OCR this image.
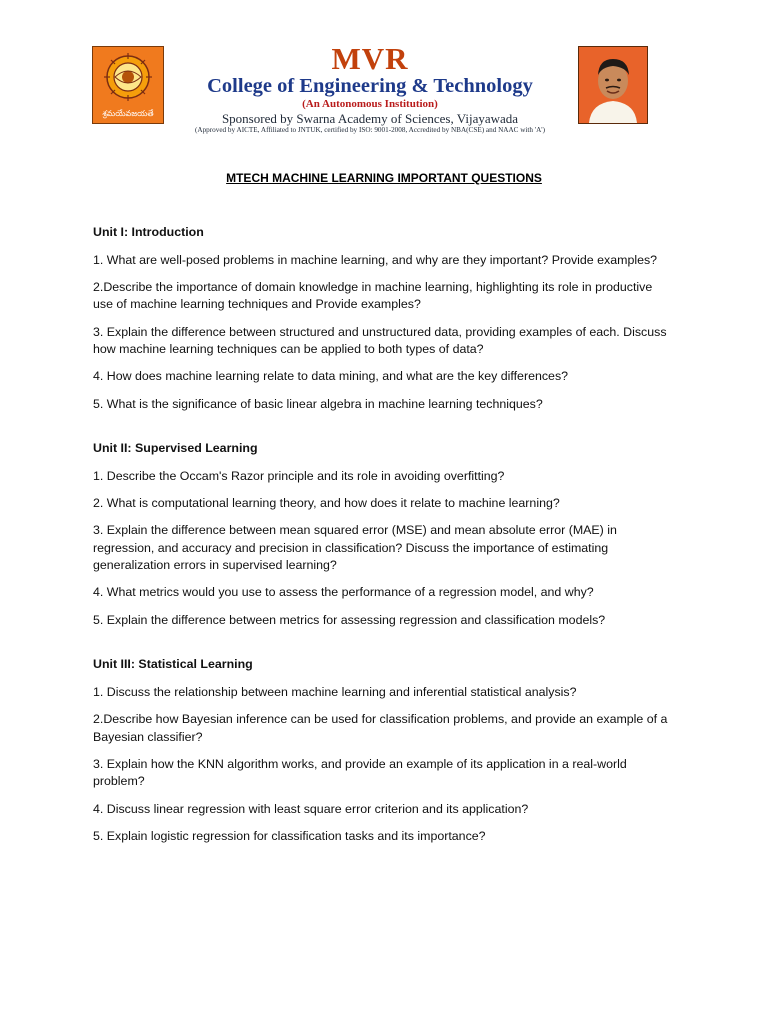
శ్రమయేవజయతే
MVR
College of Engineering & Technology
(An Autonomous Institution)
Sponsored by Swarna Academy of Sciences, Vijayawada
(Approved by AICTE, Affiliated to JNTUK, certified by ISO: 9001-2008, Accredited by NBA(CSE) and NAAC with 'A')
MTECH MACHINE LEARNING IMPORTANT QUESTIONS

Unit I: Introduction

1. What are well-posed problems in machine learning, and why are they important? Provide examples?

2.Describe the importance of domain knowledge in machine learning, highlighting its role in productive use of machine learning techniques and Provide examples?

3. Explain the difference between structured and unstructured data, providing examples of each. Discuss how machine learning techniques can be applied to both types of data?

4. How does machine learning relate to data mining, and what are the key differences?

5. What is the significance of basic linear algebra in machine learning techniques?

Unit II: Supervised Learning

1. Describe the Occam's Razor principle and its role in avoiding overfitting?

2. What is computational learning theory, and how does it relate to machine learning?

3. Explain the difference between mean squared error (MSE) and mean absolute error (MAE) in regression, and accuracy and precision in classification? Discuss the importance of estimating generalization errors in supervised learning?

4. What metrics would you use to assess the performance of a regression model, and why?

5. Explain the difference between metrics for assessing regression and classification models?

Unit III: Statistical Learning

1. Discuss the relationship between machine learning and inferential statistical analysis?

2.Describe how Bayesian inference can be used for classification problems, and provide an example of a Bayesian classifier?

3. Explain how the KNN algorithm works, and provide an example of its application in a real-world problem?

4. Discuss linear regression with least square error criterion and its application?

5. Explain logistic regression for classification tasks and its importance?
